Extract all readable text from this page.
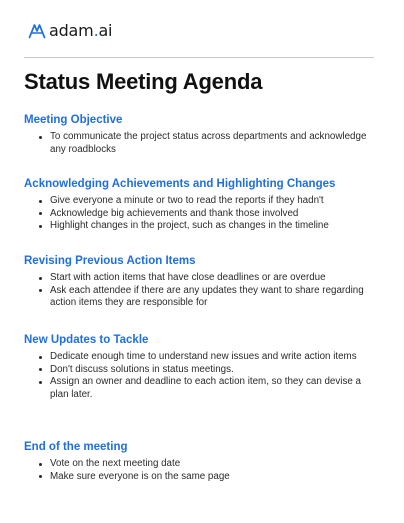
adam.ai
Status Meeting Agenda
Meeting Objective
To communicate the project status across departments and acknowledge any roadblocks
Acknowledging Achievements and Highlighting Changes
Give everyone a minute or two to read the reports if they hadn't
Acknowledge big achievements and thank those involved
Highlight changes in the project, such as changes in the timeline
Revising Previous Action Items
Start with action items that have close deadlines or are overdue
Ask each attendee if there are any updates they want to share regarding action items they are responsible for
New Updates to Tackle
Dedicate enough time to understand new issues and write action items
Don't discuss solutions in status meetings.
Assign an owner and deadline to each action item, so they can devise a plan later.
End of the meeting
Vote on the next meeting date
Make sure everyone is on the same page
